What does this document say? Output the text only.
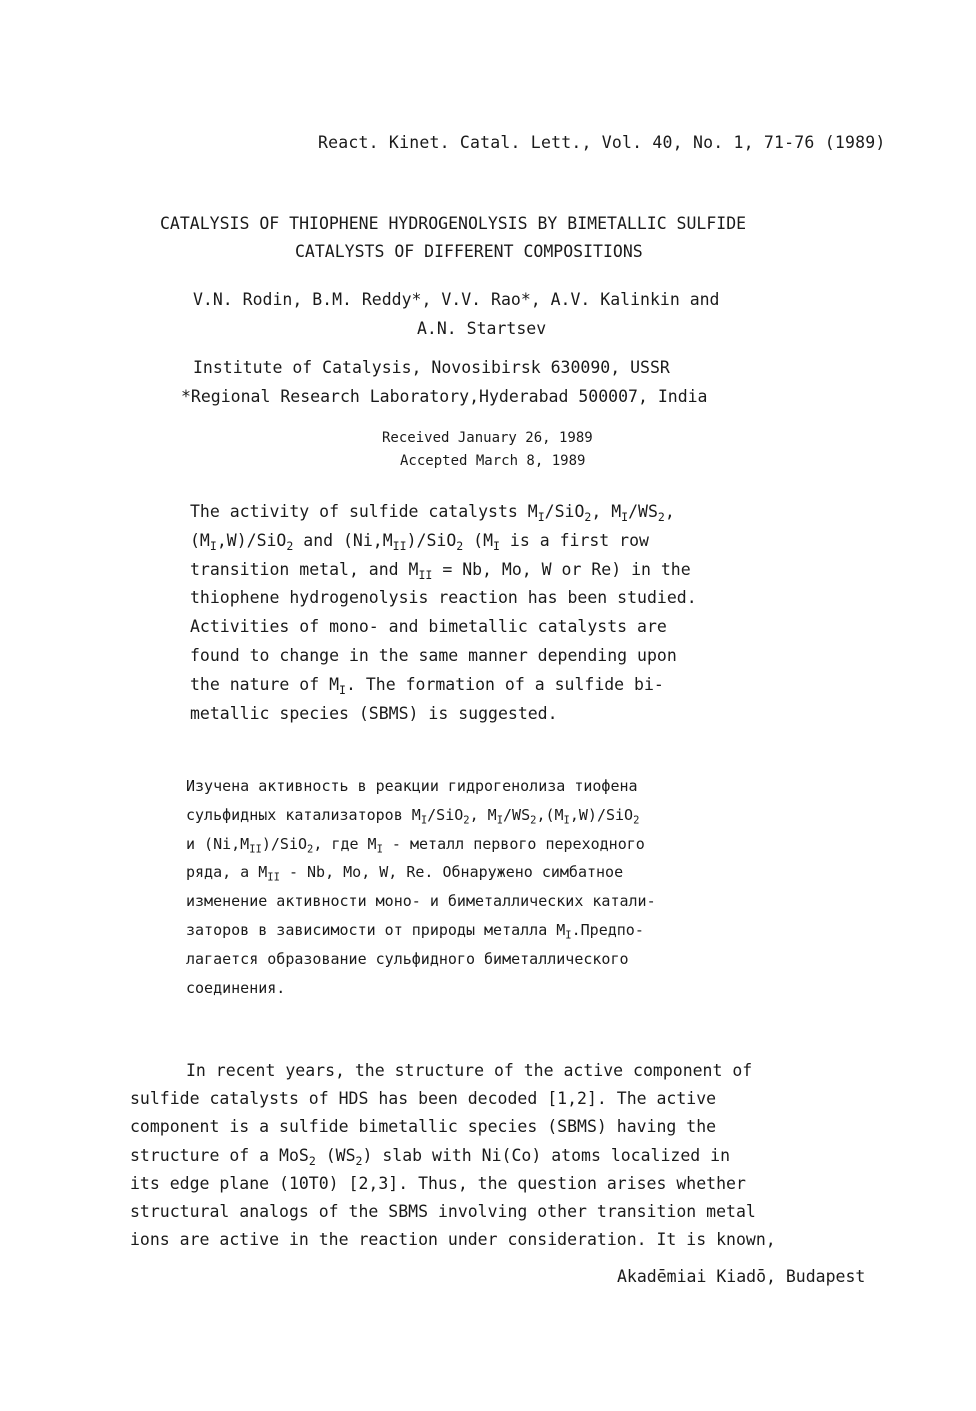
React. Kinet. Catal. Lett., Vol. 40, No. 1, 71-76 (1989)
CATALYSIS OF THIOPHENE HYDROGENOLYSIS BY BIMETALLIC SULFIDE
CATALYSTS OF DIFFERENT COMPOSITIONS
V.N. Rodin, B.M. Reddy*, V.V. Rao*, A.V. Kalinkin and
A.N. Startsev
Institute of Catalysis, Novosibirsk 630090, USSR
*Regional Research Laboratory,Hyderabad 500007, India
Received January 26, 1989
Accepted March 8, 1989
The activity of sulfide catalysts $M_I/SiO_2$, $M_I/WS_2$,
$(M_I,W)/SiO_2$ and $(Ni,M_{II})/SiO_2$ ($M_I$ is a first row
transition metal, and $M_{II} = Nb$, Mo, W or Re) in the
thiophene hydrogenolysis reaction has been studied.
Activities of mono- and bimetallic catalysts are
found to change in the same manner depending upon
the nature of $M_I$. The formation of a sulfide bi-
metallic species (SBMS) is suggested.
Изучена активность в реакции гидрогенолиза тиофена
сульфидных катализаторов $M_I/SiO_2$, $M_I/WS_2,(M_I,W)/SiO_2$
и $(Ni,M_{II})/SiO_2$, где $M_I$ - металл первого переходного
ряда, а $M_{II}$ - Nb, Mo, W, Re. Обнаружено симбатное
изменение активности моно- и биметаллических катали-
заторов в зависимости от природы металла $M_I.Предпо-$
лагается образование сульфидного биметаллического
соединения.
In recent years, the structure of the active component of
sulfide catalysts of HDS has been decoded [1,2]. The active
component is a sulfide bimetallic species (SBMS) having the
structure of a MoS$_2$ $(WS_2)$ slab with Ni(Co) atoms localized in
its edge plane (10T0) [2,3]. Thus, the question arises whether
structural analogs of the SBMS involving other transition metal
ions are active in the reaction under consideration. It is known,
Akadēmiai Kiadō, Budapest
